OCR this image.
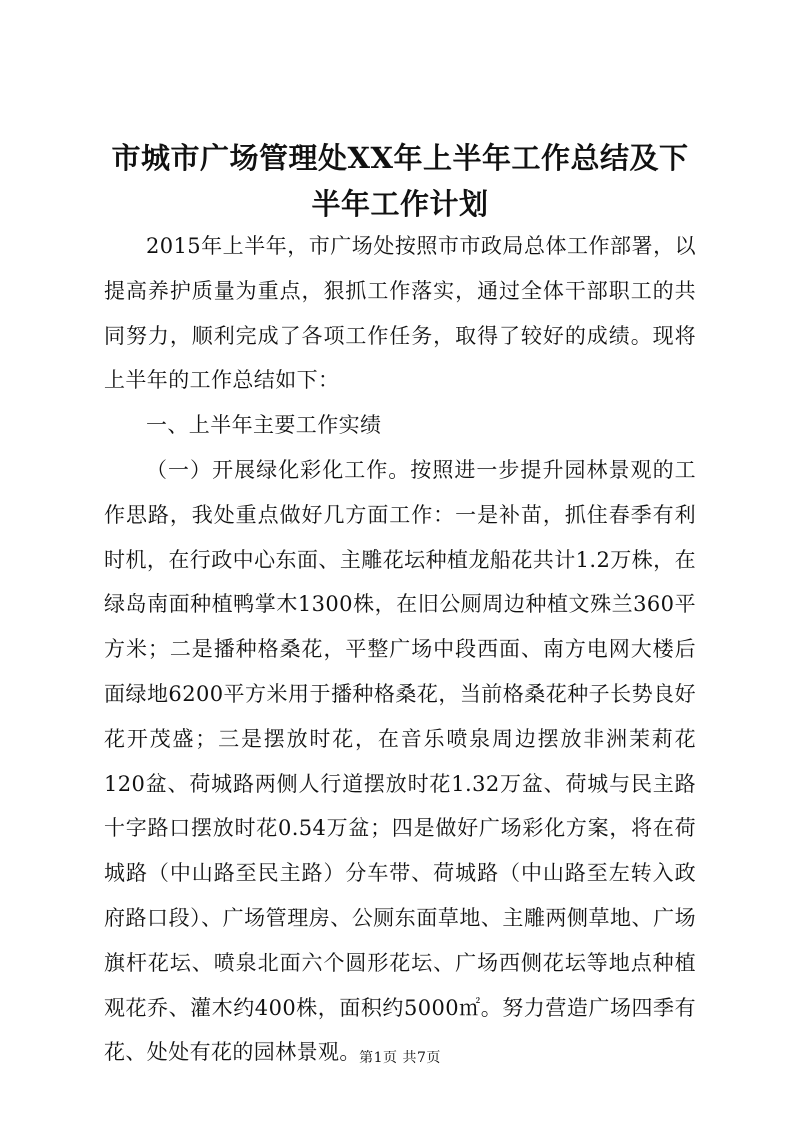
市城市广场管理处XX年上半年工作总结及下
半年工作计划

2015年上半年，市广场处按照市市政局总体工作部署，以提高养护质量为重点，狠抓工作落实，通过全体干部职工的共同努力，顺利完成了各项工作任务，取得了较好的成绩。现将上半年的工作总结如下：

一、上半年主要工作实绩

（一）开展绿化彩化工作。按照进一步提升园林景观的工作思路，我处重点做好几方面工作：一是补苗，抓住春季有利时机，在行政中心东面、主雕花坛种植龙船花共计1.2万株，在绿岛南面种植鸭掌木1300株，在旧公厕周边种植文殊兰360平方米；二是播种格桑花，平整广场中段西面、南方电网大楼后面绿地6200平方米用于播种格桑花，当前格桑花种子长势良好花开茂盛；三是摆放时花，在音乐喷泉周边摆放非洲茉莉花120盆、荷城路两侧人行道摆放时花1.32万盆、荷城与民主路十字路口摆放时花0.54万盆；四是做好广场彩化方案，将在荷城路（中山路至民主路）分车带、荷城路（中山路至左转入政府路口段）、广场管理房、公厕东面草地、主雕两侧草地、广场旗杆花坛、喷泉北面六个圆形花坛、广场西侧花坛等地点种植观花乔、灌木约400株，面积约5000㎡。努力营造广场四季有花、处处有花的园林景观。

第1页 共7页
